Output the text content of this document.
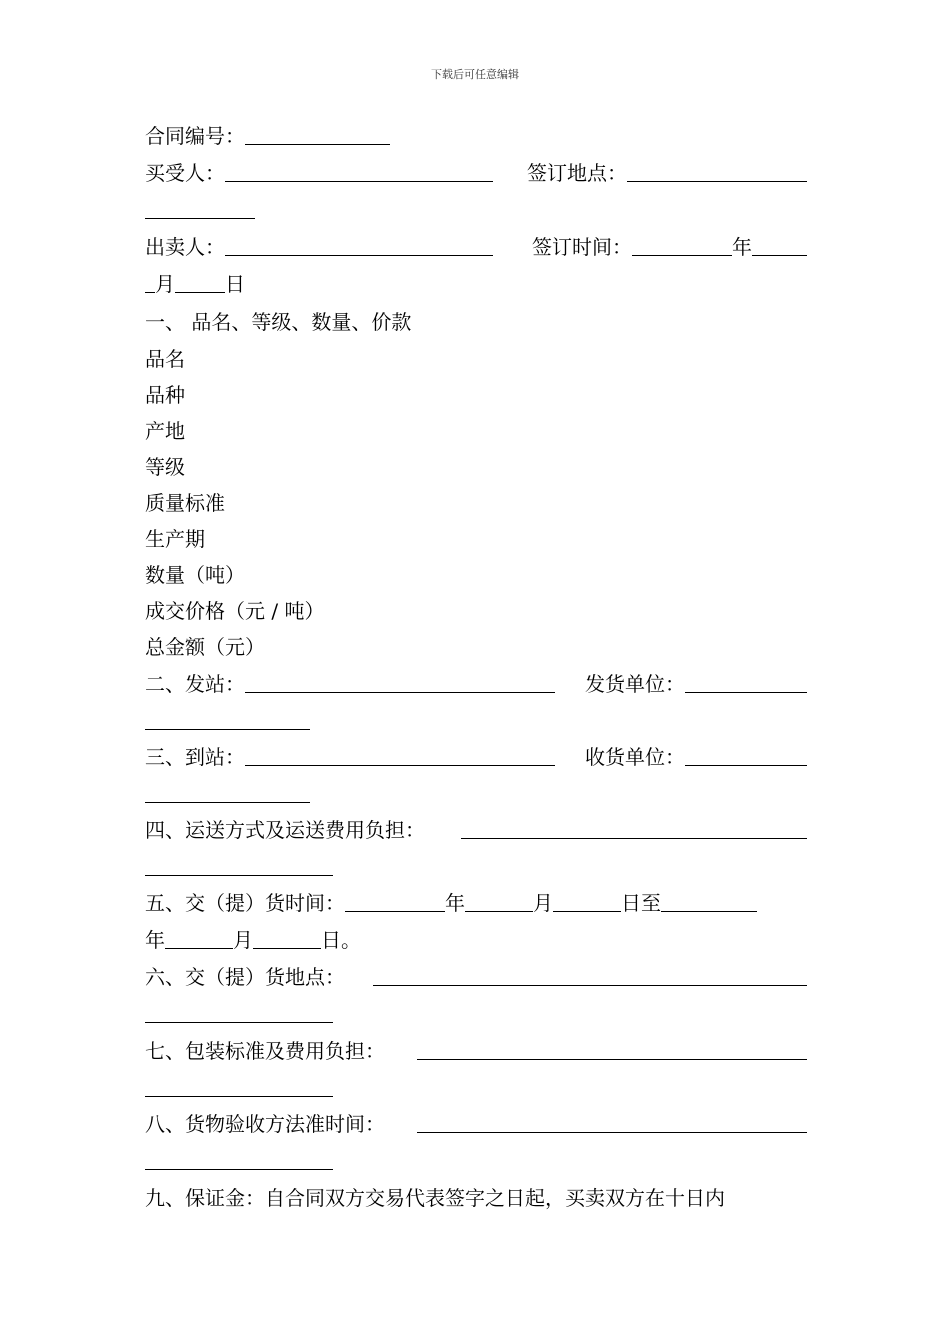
下载后可任意编辑
合同编号：
买受人：	签订地点：
出卖人：	签订时间：	年
月	日
一、 品名、等级、数量、价款
品名
品种
产地
等级
质量标准
生产期
数量（吨）
成交价格（元 / 吨）
总金额（元）
二、发站：	发货单位：
三、到站：	收货单位：
四、运送方式及运送费用负担：
五、交（提）货时间：	年	月	日至
年	月	日。
六、交（提）货地点：
七、包装标准及费用负担：
八、货物验收方法准时间：
九、保证金：自合同双方交易代表签字之日起，买卖双方在十日内
